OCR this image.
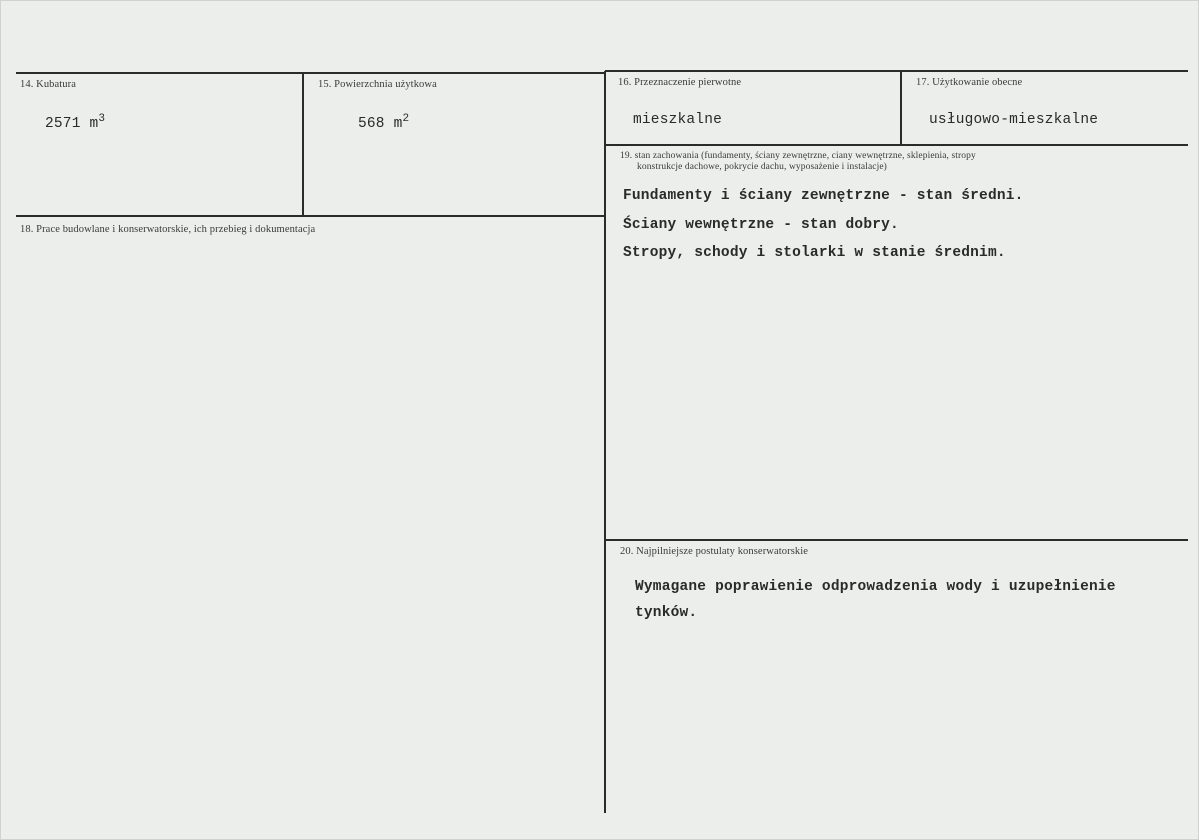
14. Kubatura
2571 $m^3$
15. Powierzchnia użytkowa
568 $m^2$
16. Przeznaczenie pierwotne
mieszkalne
17. Użytkowanie obecne
usługowo-mieszkalne
18. Prace budowlane i konserwatorskie, ich przebieg i dokumentacja
19. stan zachowania (fundamenty, ściany zewnętrzne, ciany wewnętrzne, sklepienia, stropy
konstrukcje dachowe, pokrycie dachu, wyposażenie i instalacje)
Fundamenty i ściany zewnętrzne - stan średni.
Ściany wewnętrzne - stan dobry.
Stropy, schody i stolarki w stanie średnim.
20. Najpilniejsze postulaty konserwatorskie
Wymagane poprawienie odprowadzenia wody i uzupełnienie
tynków.
